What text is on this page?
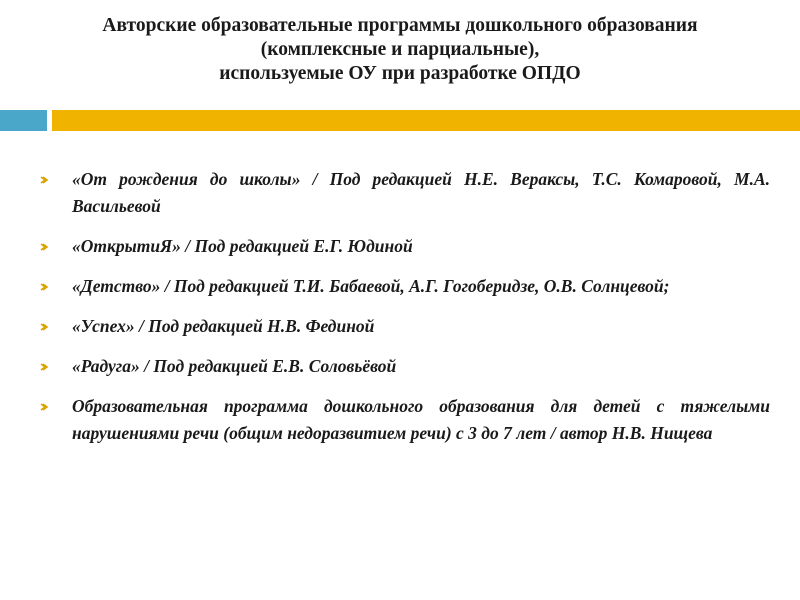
Авторские образовательные программы дошкольного образования
(комплексные и парциальные),
используемые ОУ при разработке ОПДО
«От рождения до школы» / Под редакцией Н.Е. Вераксы, Т.С. Комаровой, М.А. Васильевой
«ОткрытиЯ» / Под редакцией Е.Г. Юдиной
«Детство» / Под редакцией Т.И. Бабаевой, А.Г. Гогоберидзе, О.В. Солнцевой;
«Успех» / Под редакцией Н.В. Фединой
«Радуга» / Под редакцией Е.В. Соловьёвой
Образовательная программа дошкольного образования для детей с тяжелыми нарушениями речи (общим недоразвитием речи) с 3 до 7 лет / автор Н.В. Нищева
